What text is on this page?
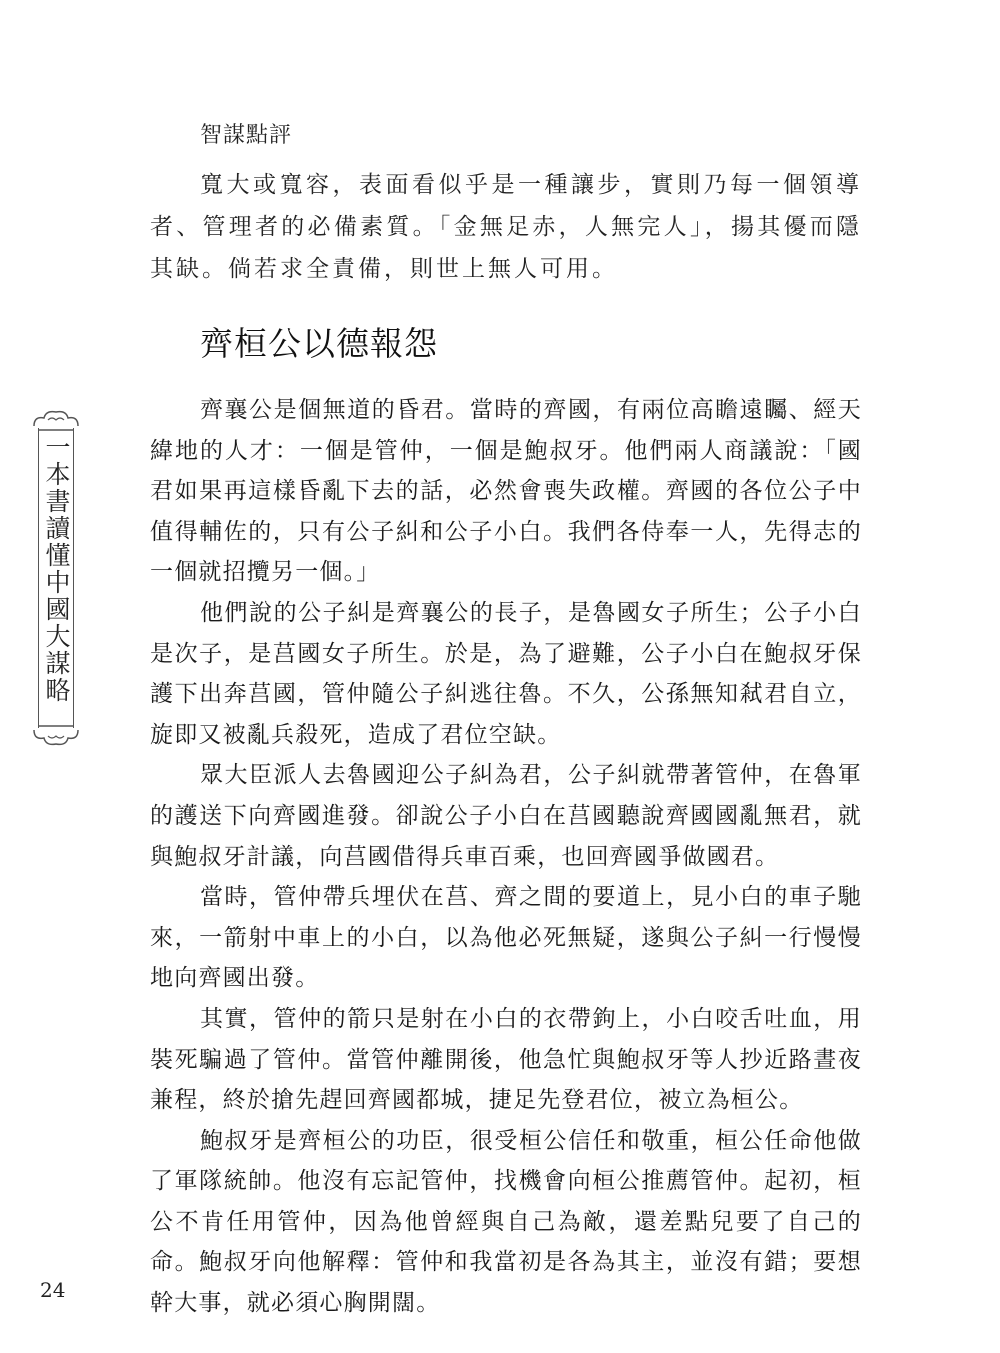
智謀點評
寬大或寬容，表面看似乎是一種讓步，實則乃每一個領導者、管理者的必備素質。「金無足赤，人無完人」，揚其優而隱其缺。倘若求全責備，則世上無人可用。
齊桓公以德報怨

齊襄公是個無道的昏君。當時的齊國，有兩位高瞻遠矚、經天緯地的人才：一個是管仲，一個是鮑叔牙。他們兩人商議說：「國君如果再這樣昏亂下去的話，必然會喪失政權。齊國的各位公子中值得輔佐的，只有公子糾和公子小白。我們各侍奉一人，先得志的一個就招攬另一個。」

他們說的公子糾是齊襄公的長子，是魯國女子所生；公子小白是次子，是莒國女子所生。於是，為了避難，公子小白在鮑叔牙保護下出奔莒國，管仲隨公子糾逃往魯。不久，公孫無知弒君自立，旋即又被亂兵殺死，造成了君位空缺。

眾大臣派人去魯國迎公子糾為君，公子糾就帶著管仲，在魯軍的護送下向齊國進發。卻說公子小白在莒國聽說齊國國亂無君，就與鮑叔牙計議，向莒國借得兵車百乘，也回齊國爭做國君。

當時，管仲帶兵埋伏在莒、齊之間的要道上，見小白的車子馳來，一箭射中車上的小白，以為他必死無疑，遂與公子糾一行慢慢地向齊國出發。

其實，管仲的箭只是射在小白的衣帶鉤上，小白咬舌吐血，用裝死騙過了管仲。當管仲離開後，他急忙與鮑叔牙等人抄近路晝夜兼程，終於搶先趕回齊國都城，捷足先登君位，被立為桓公。

鮑叔牙是齊桓公的功臣，很受桓公信任和敬重，桓公任命他做了軍隊統帥。他沒有忘記管仲，找機會向桓公推薦管仲。起初，桓公不肯任用管仲，因為他曾經與自己為敵，還差點兒要了自己的命。鮑叔牙向他解釋：管仲和我當初是各為其主，並沒有錯；要想幹大事，就必須心胸開闊。

一本書讀懂中國大謀略
24
